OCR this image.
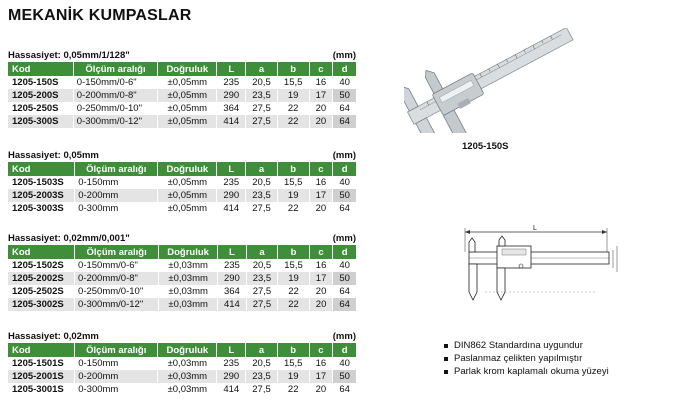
MEKANİK KUMPASLAR
Hassasiyet: 0,05mm/1/128"	(mm)
Kod	Ölçüm aralığı	Doğruluk	L	a	b	c	d
1205-150S	0-150mm/0-6"	±0,05mm	235	20,5	15,5	16	40
1205-200S	0-200mm/0-8"	±0,05mm	290	23,5	19	17	50
1205-250S	0-250mm/0-10"	±0,05mm	364	27,5	22	20	64
1205-300S	0-300mm/0-12"	±0,05mm	414	27,5	22	20	64
Hassasiyet: 0,05mm	(mm)
Kod	Ölçüm aralığı	Doğruluk	L	a	b	c	d
1205-1503S	0-150mm	±0,05mm	235	20,5	15,5	16	40
1205-2003S	0-200mm	±0,05mm	290	23,5	19	17	50
1205-3003S	0-300mm	±0,05mm	414	27,5	22	20	64
Hassasiyet: 0,02mm/0,001"	(mm)
Kod	Ölçüm aralığı	Doğruluk	L	a	b	c	d
1205-1502S	0-150mm/0-6"	±0,03mm	235	20,5	15,5	16	40
1205-2002S	0-200mm/0-8"	±0,03mm	290	23,5	19	17	50
1205-2502S	0-250mm/0-10"	±0,03mm	364	27,5	22	20	64
1205-3002S	0-300mm/0-12"	±0,03mm	414	27,5	22	20	64
Hassasiyet: 0,02mm	(mm)
Kod	Ölçüm aralığı	Doğruluk	L	a	b	c	d
1205-1501S	0-150mm	±0,03mm	235	20,5	15,5	16	40
1205-2001S	0-200mm	±0,03mm	290	23,5	19	17	50
1205-3001S	0-300mm	±0,03mm	414	27,5	22	20	64
1205-150S
L
DIN862 Standardına uygundur
Paslanmaz çelikten yapılmıştır
Parlak krom kaplamalı okuma yüzeyi
